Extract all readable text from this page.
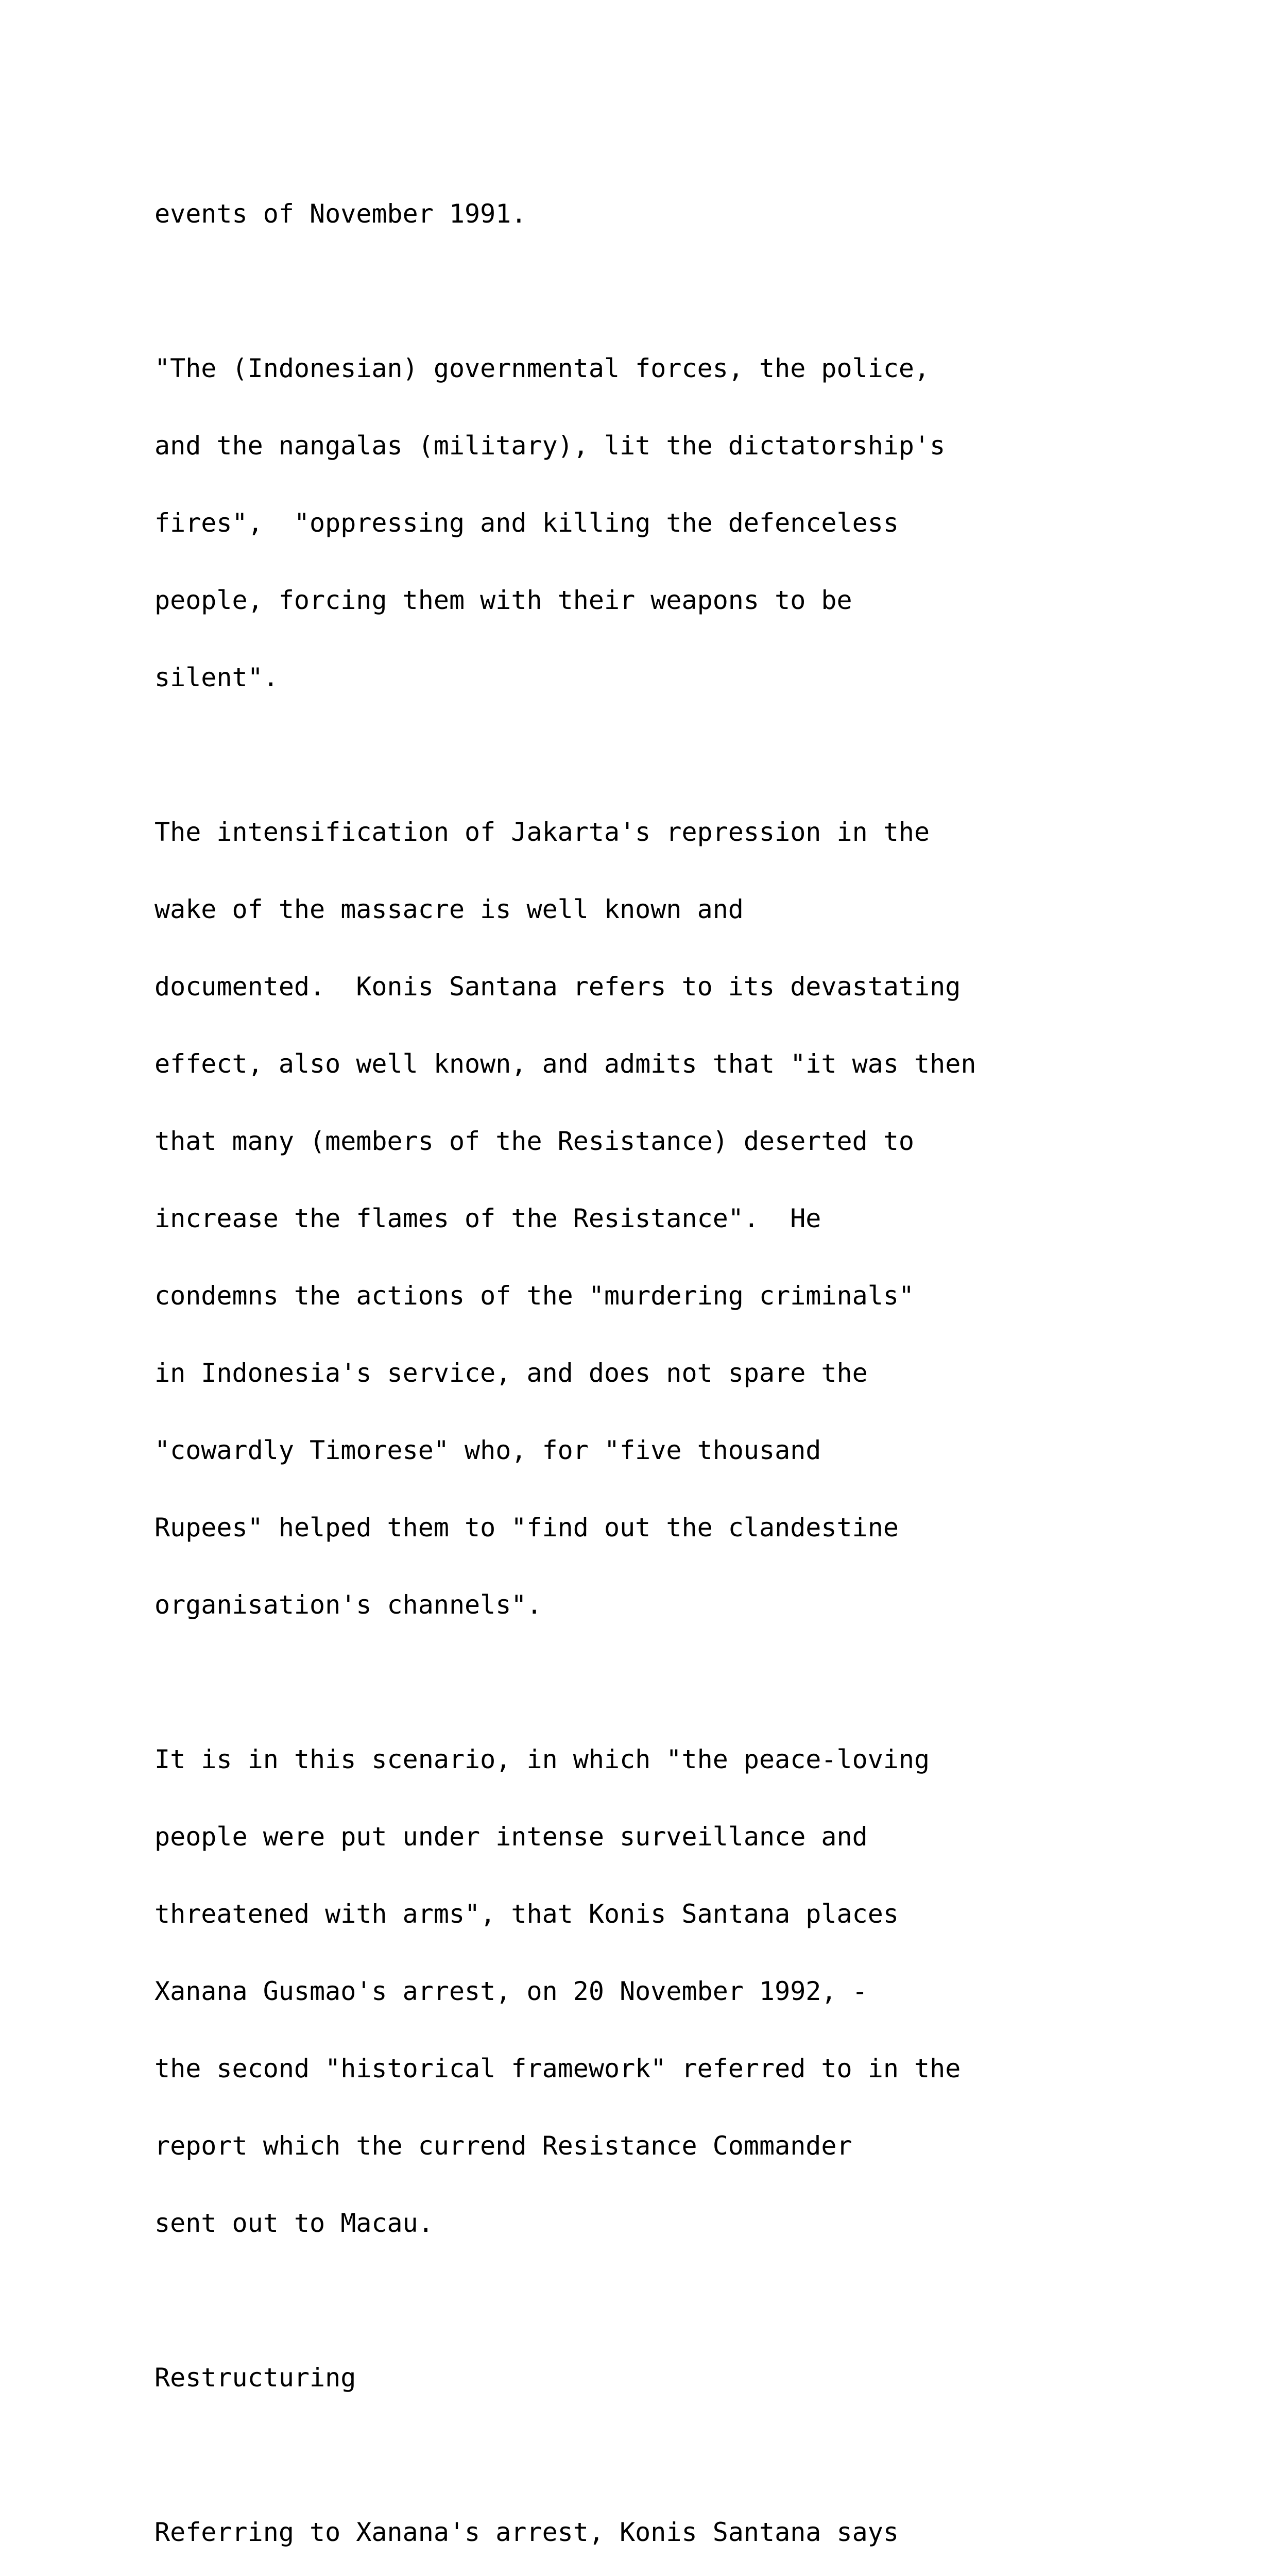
events of November 1991.

"The (Indonesian) governmental forces, the police,

and the nangalas (military), lit the dictatorship's

fires",  "oppressing and killing the defenceless

people, forcing them with their weapons to be

silent".

The intensification of Jakarta's repression in the

wake of the massacre is well known and

documented.  Konis Santana refers to its devastating

effect, also well known, and admits that "it was then

that many (members of the Resistance) deserted to

increase the flames of the Resistance".  He

condemns the actions of the "murdering criminals"

in Indonesia's service, and does not spare the

"cowardly Timorese" who, for "five thousand

Rupees" helped them to "find out the clandestine

organisation's channels".

It is in this scenario, in which "the peace-loving

people were put under intense surveillance and

threatened with arms", that Konis Santana places

Xanana Gusmao's arrest, on 20 November 1992, -

the second "historical framework" referred to in the

report which the currend Resistance Commander

sent out to Macau.

Restructuring

Referring to Xanana's arrest, Konis Santana says
